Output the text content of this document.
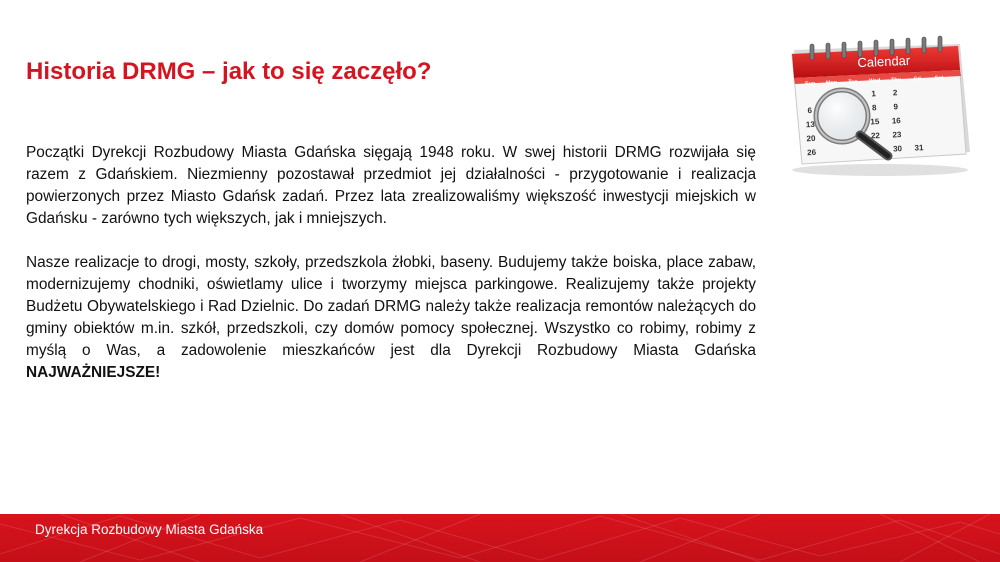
Historia DRMG – jak to się zaczęło?

Początki Dyrekcji Rozbudowy Miasta Gdańska sięgają 1948 roku. W swej historii DRMG rozwijała się razem z Gdańskiem. Niezmienny pozostawał przedmiot jej działalności - przygotowanie i realizacja powierzonych przez Miasto Gdańsk zadań. Przez lata zrealizowaliśmy większość inwestycji miejskich w Gdańsku - zarówno tych większych, jak i mniejszych.

Nasze realizacje to drogi, mosty, szkoły, przedszkola żłobki, baseny. Budujemy także boiska, place zabaw, modernizujemy chodniki, oświetlamy ulice i tworzymy miejsca parkingowe. Realizujemy także projekty Budżetu Obywatelskiego i Rad Dzielnic. Do zadań DRMG należy także realizacja remontów należących do gminy obiektów m.in. szkół, przedszkoli, czy domów pomocy społecznej. Wszystko co robimy, robimy z myślą o Was, a zadowolenie mieszkańców jest dla Dyrekcji Rozbudowy Miasta Gdańska NAJWAŻNIEJSZE!

Calendar
Sun Mon Tue Wed Thu Fri Sat
1 2
6	8 9
13	15 16
20	22 23
26	30 31
Dyrekcja Rozbudowy Miasta Gdańska
